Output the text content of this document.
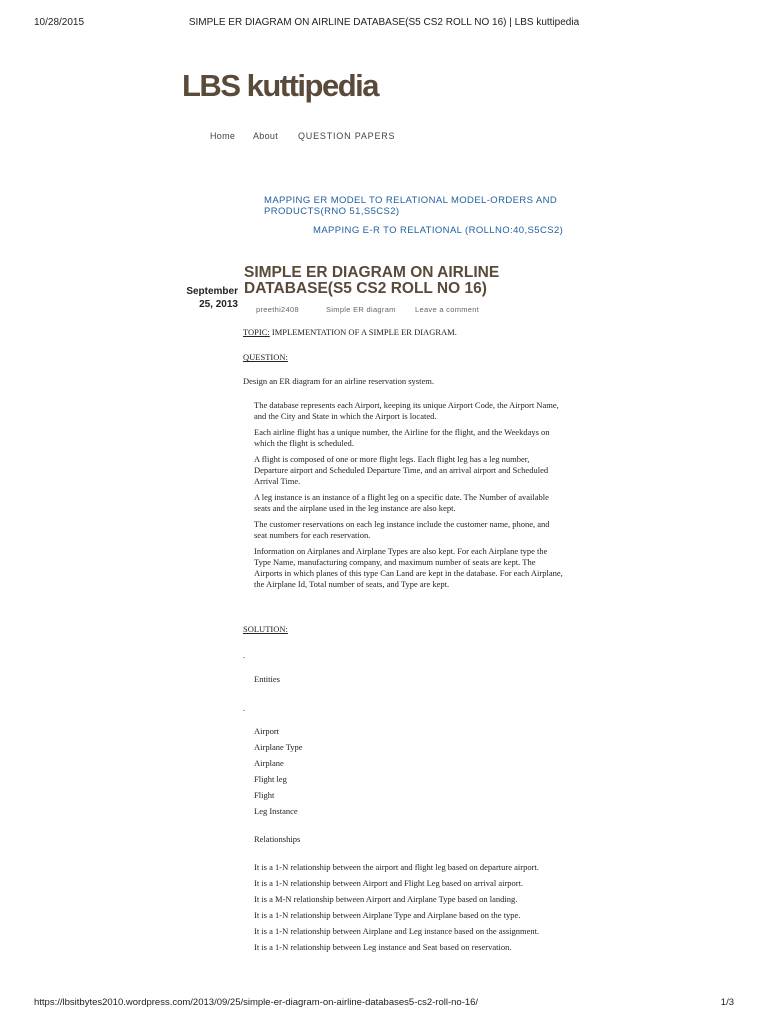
10/28/2015	SIMPLE ER DIAGRAM ON AIRLINE DATABASE(S5 CS2 ROLL NO 16) | LBS kuttipedia
LBS kuttipedia
Home About QUESTION PAPERS
MAPPING ER MODEL TO RELATIONAL MODEL-ORDERS AND PRODUCTS(RNO 51,S5CS2)
MAPPING E-R TO RELATIONAL (ROLLNO:40,S5CS2)
September
25, 2013
SIMPLE ER DIAGRAM ON AIRLINE DATABASE(S5 CS2 ROLL NO 16)
preethi2408	Simple ER diagram	Leave a comment
TOPIC: IMPLEMENTATION OF A SIMPLE ER DIAGRAM.
QUESTION:
Design an ER diagram for an airline reservation system.
The database represents each Airport, keeping its unique Airport Code, the Airport Name, and the City and State in which the Airport is located.
Each airline flight has a unique number, the Airline for the flight, and the Weekdays on which the flight is scheduled.
A flight is composed of one or more flight legs. Each flight leg has a leg number, Departure airport and Scheduled Departure Time, and an arrival airport and Scheduled Arrival Time.
A leg instance is an instance of a flight leg on a specific date. The Number of available seats and the airplane used in the leg instance are also kept.
The customer reservations on each leg instance include the customer name, phone, and seat numbers for each reservation.
Information on Airplanes and Airplane Types are also kept. For each Airplane type the Type Name, manufacturing company, and maximum number of seats are kept. The Airports in which planes of this type Can Land are kept in the database. For each Airplane, the Airplane Id, Total number of seats, and Type are kept.
SOLUTION:
.
Entities
.
Airport
Airplane Type
Airplane
Flight leg
Flight
Leg Instance
Relationships
It is a 1-N relationship between the airport and flight leg based on departure airport.
It is a 1-N relationship between Airport and Flight Leg based on arrival airport.
It is a M-N relationship between Airport and Airplane Type based on landing.
It is a 1-N relationship between Airplane Type and Airplane based on the type.
It is a 1-N relationship between Airplane and Leg instance based on the assignment.
It is a 1-N relationship between Leg instance and Seat based on reservation.
https://lbsitbytes2010.wordpress.com/2013/09/25/simple-er-diagram-on-airline-databases5-cs2-roll-no-16/	1/3
